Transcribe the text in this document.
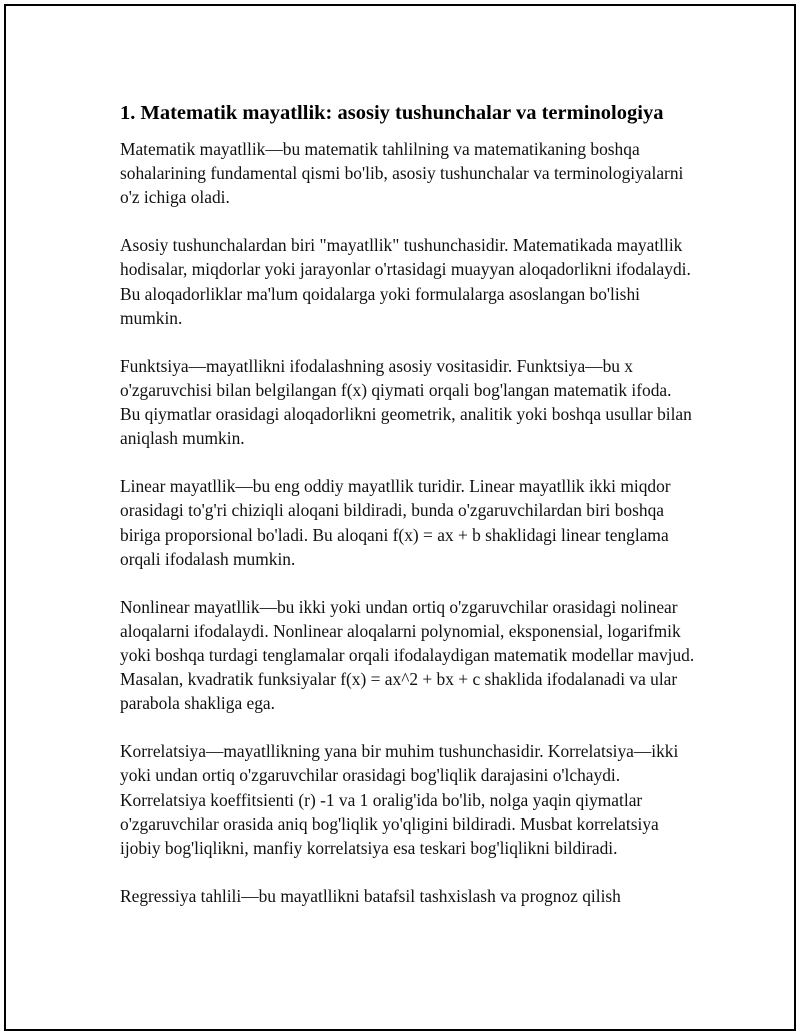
1. Matematik mayatllik: asosiy tushunchalar va terminologiya

Matematik mayatllik—bu matematik tahlilning va matematikaning boshqa sohalarining fundamental qismi bo'lib, asosiy tushunchalar va terminologiyalarni o'z ichiga oladi.

Asosiy tushunchalardan biri "mayatllik" tushunchasidir. Matematikada mayatllik hodisalar, miqdorlar yoki jarayonlar o'rtasidagi muayyan aloqadorlikni ifodalaydi. Bu aloqadorliklar ma'lum qoidalarga yoki formulalarga asoslangan bo'lishi mumkin.

Funktsiya—mayatllikni ifodalashning asosiy vositasidir. Funktsiya—bu x o'zgaruvchisi bilan belgilangan f(x) qiymati orqali bog'langan matematik ifoda. Bu qiymatlar orasidagi aloqadorlikni geometrik, analitik yoki boshqa usullar bilan aniqlash mumkin.

Linear mayatllik—bu eng oddiy mayatllik turidir. Linear mayatllik ikki miqdor orasidagi to'g'ri chiziqli aloqani bildiradi, bunda o'zgaruvchilardan biri boshqa biriga proporsional bo'ladi. Bu aloqani f(x) = ax + b shaklidagi linear tenglama orqali ifodalash mumkin.

Nonlinear mayatllik—bu ikki yoki undan ortiq o'zgaruvchilar orasidagi nolinear aloqalarni ifodalaydi. Nonlinear aloqalarni polynomial, eksponensial, logarifmik yoki boshqa turdagi tenglamalar orqali ifodalaydigan matematik modellar mavjud. Masalan, kvadratik funksiyalar f(x) = ax^2 + bx + c shaklida ifodalanadi va ular parabola shakliga ega.

Korrelatsiya—mayatllikning yana bir muhim tushunchasidir. Korrelatsiya—ikki yoki undan ortiq o'zgaruvchilar orasidagi bog'liqlik darajasini o'lchaydi. Korrelatsiya koeffitsienti (r) -1 va 1 oralig'ida bo'lib, nolga yaqin qiymatlar o'zgaruvchilar orasida aniq bog'liqlik yo'qligini bildiradi. Musbat korrelatsiya ijobiy bog'liqlikni, manfiy korrelatsiya esa teskari bog'liqlikni bildiradi.

Regressiya tahlili—bu mayatllikni batafsil tashxislash va prognoz qilish
